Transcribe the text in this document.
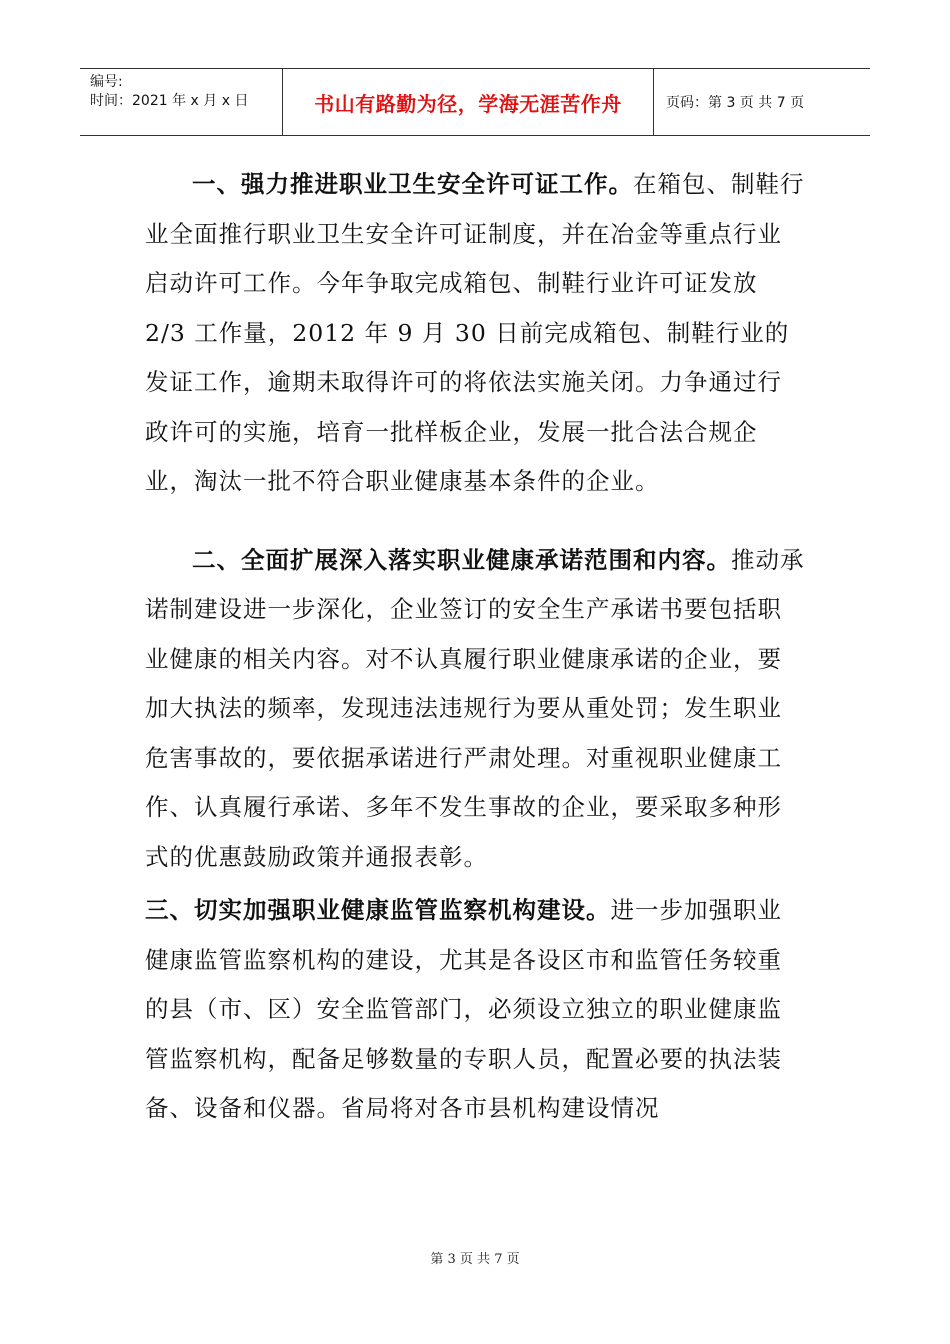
编号:
时间：2021 年 x 月 x 日	书山有路勤为径，学海无涯苦作舟	页码：第 3 页 共 7 页

一、强力推进职业卫生安全许可证工作。在箱包、制鞋行业全面推行职业卫生安全许可证制度，并在冶金等重点行业启动许可工作。今年争取完成箱包、制鞋行业许可证发放 2/3 工作量，2012 年 9 月 30 日前完成箱包、制鞋行业的发证工作，逾期未取得许可的将依法实施关闭。力争通过行政许可的实施，培育一批样板企业，发展一批合法合规企业，淘汰一批不符合职业健康基本条件的企业。

二、全面扩展深入落实职业健康承诺范围和内容。推动承诺制建设进一步深化，企业签订的安全生产承诺书要包括职业健康的相关内容。对不认真履行职业健康承诺的企业，要加大执法的频率，发现违法违规行为要从重处罚；发生职业危害事故的，要依据承诺进行严肃处理。对重视职业健康工作、认真履行承诺、多年不发生事故的企业，要采取多种形式的优惠鼓励政策并通报表彰。

三、切实加强职业健康监管监察机构建设。进一步加强职业健康监管监察机构的建设，尤其是各设区市和监管任务较重的县（市、区）安全监管部门，必须设立独立的职业健康监管监察机构，配备足够数量的专职人员，配置必要的执法装备、设备和仪器。省局将对各市县机构建设情况

第 3 页 共 7 页
